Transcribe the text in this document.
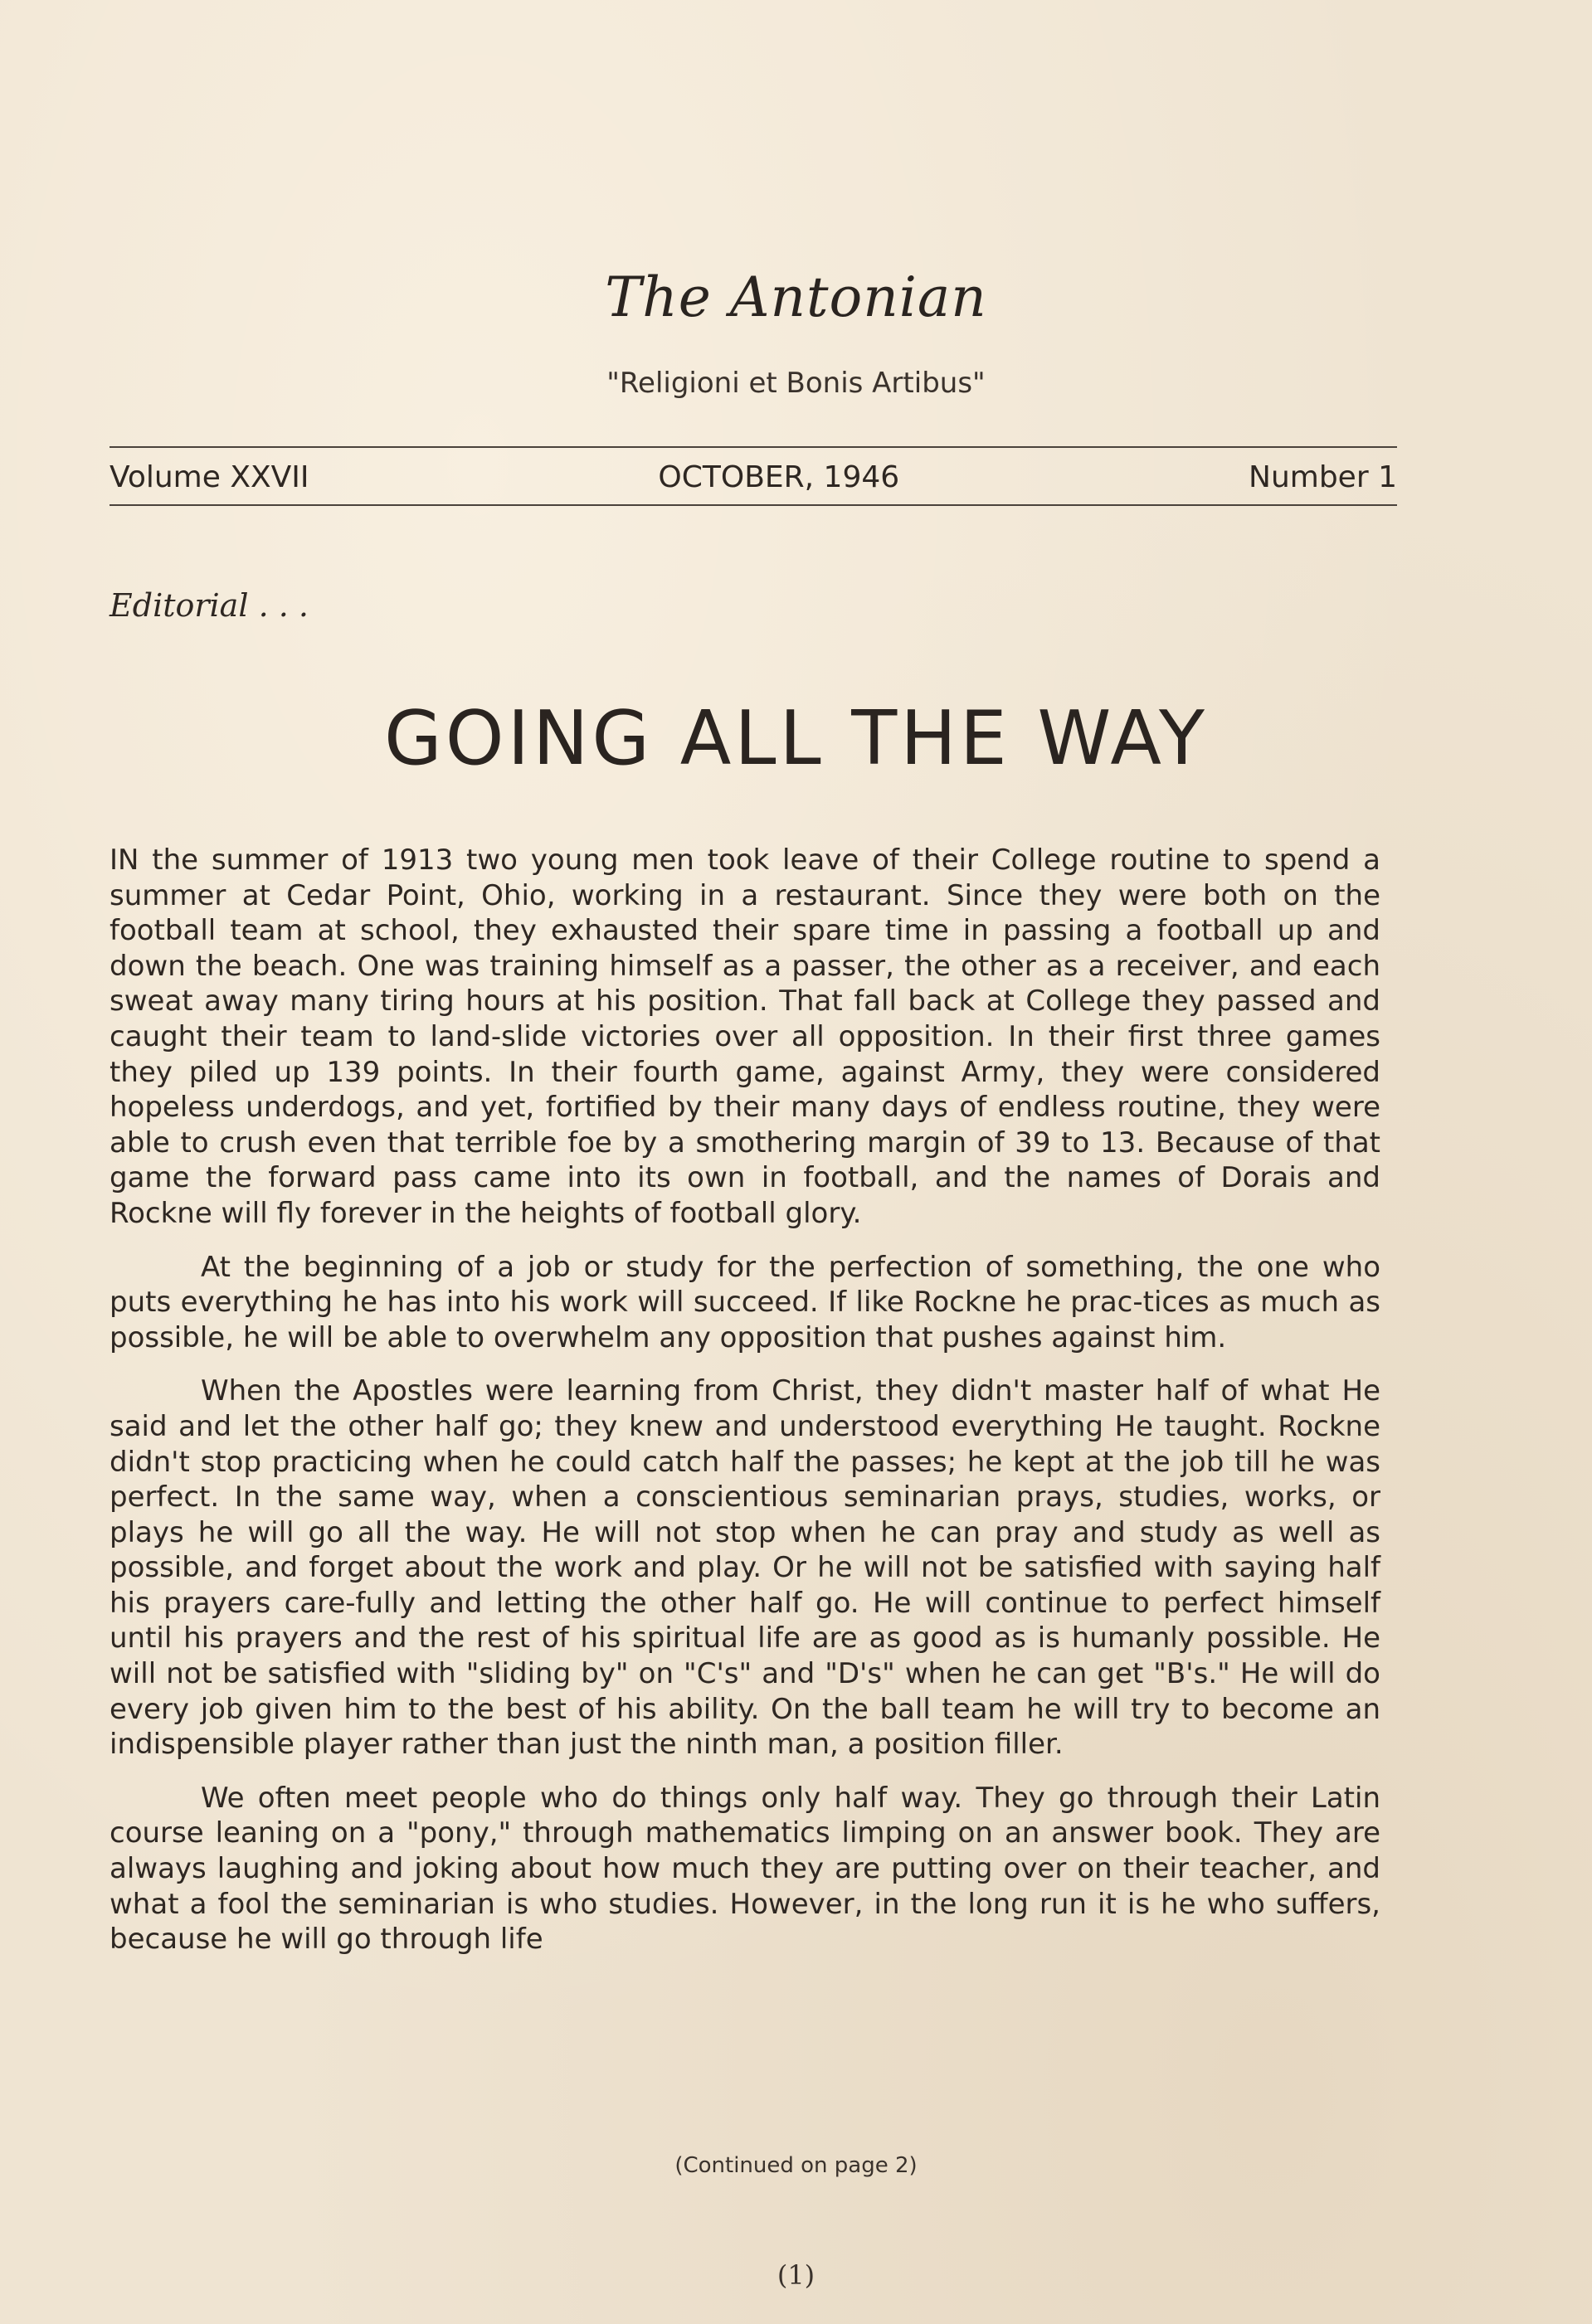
The Antonian
"Religioni et Bonis Artibus"
Volume XXVII	OCTOBER, 1946	Number 1
Editorial . . .
GOING ALL THE WAY

IN the summer of 1913 two young men took leave of their College routine to spend a summer at Cedar Point, Ohio, working in a restaurant. Since they were both on the football team at school, they exhausted their spare time in passing a football up and down the beach. One was training himself as a passer, the other as a receiver, and each sweat away many tiring hours at his position. That fall back at College they passed and caught their team to land-slide victories over all opposition. In their first three games they piled up 139 points. In their fourth game, against Army, they were considered hopeless underdogs, and yet, fortified by their many days of endless routine, they were able to crush even that terrible foe by a smothering margin of 39 to 13. Because of that game the forward pass came into its own in football, and the names of Dorais and Rockne will fly forever in the heights of football glory.

At the beginning of a job or study for the perfection of something, the one who puts everything he has into his work will succeed. If like Rockne he prac-tices as much as possible, he will be able to overwhelm any opposition that pushes against him.

When the Apostles were learning from Christ, they didn't master half of what He said and let the other half go; they knew and understood everything He taught. Rockne didn't stop practicing when he could catch half the passes; he kept at the job till he was perfect. In the same way, when a conscientious seminarian prays, studies, works, or plays he will go all the way. He will not stop when he can pray and study as well as possible, and forget about the work and play. Or he will not be satisfied with saying half his prayers care-fully and letting the other half go. He will continue to perfect himself until his prayers and the rest of his spiritual life are as good as is humanly possible. He will not be satisfied with "sliding by" on "C's" and "D's" when he can get "B's." He will do every job given him to the best of his ability. On the ball team he will try to become an indispensible player rather than just the ninth man, a position filler.

We often meet people who do things only half way. They go through their Latin course leaning on a "pony," through mathematics limping on an answer book. They are always laughing and joking about how much they are putting over on their teacher, and what a fool the seminarian is who studies. However, in the long run it is he who suffers, because he will go through life

(Continued on page 2)
(1)
